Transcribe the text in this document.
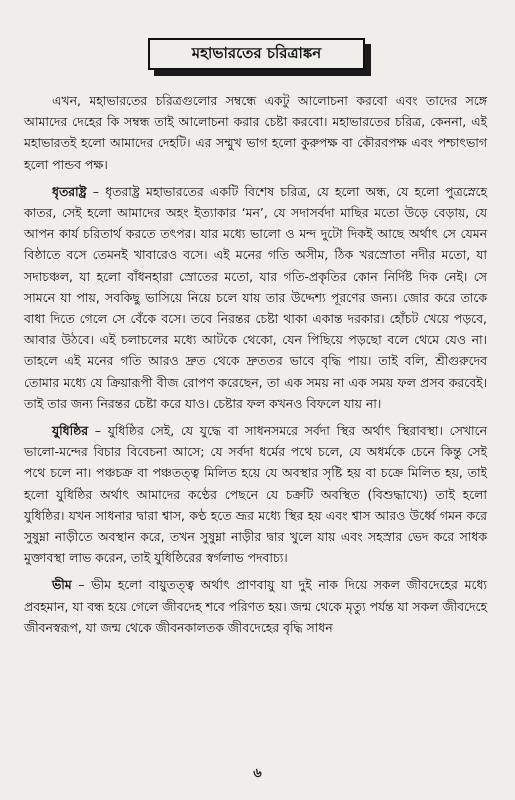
মহাভারতের চরিত্রাঙ্কন

এখন, মহাভারতের চরিত্রগুলোর সম্বন্ধে একটু আলোচনা করবো এবং তাদের সঙ্গে আমাদের দেহের কি সম্বন্ধ তাই আলোচনা করার চেষ্টা করবো। মহাভারতের চরিত্র, কেননা, এই মহাভারতই হলো আমাদের দেহটি। এর সম্মুখ ভাগ হলো কুরুপক্ষ বা কৌরবপক্ষ এবং পশ্চাৎভাগ হলো পান্ডব পক্ষ।

ধৃতরাষ্ট্র – ধৃতরাষ্ট্র মহাভারতের একটি বিশেষ চরিত্র, যে হলো অন্ধ, যে হলো পুত্রস্নেহে কাতর, সেই হলো আমাদের অহং ইত্যাকার ‘মন’, যে সদাসর্বদা মাছির মতো উড়ে বেড়ায়, যে আপন কার্য চরিতার্থ করতে তৎপর। যার মধ্যে ভালো ও মন্দ দুটো দিকই আছে অর্থাৎ সে যেমন বিষ্ঠাতে বসে তেমনই খাবারেও বসে। এই মনের গতি অসীম, ঠিক খরস্রোতা নদীর মতো, যা সদাচঞ্চল, যা হলো বাঁধনহারা স্রোতের মতো, যার গতি-প্রকৃতির কোন নির্দিষ্ট দিক নেই। সে সামনে যা পায়, সবকিছু ভাসিয়ে নিয়ে চলে যায় তার উদ্দেশ্য পূরণের জন্য। জোর করে তাকে বাধা দিতে গেলে সে বেঁকে বসে। তবে নিরন্তর চেষ্টা থাকা একান্ত দরকার। হোঁচট খেয়ে পড়বে, আবার উঠবে। এই চলাচলের মধ্যে আটকে থেকো, যেন পিছিয়ে পড়ছো বলে থেমে যেও না। তাহলে এই মনের গতি আরও দ্রুত থেকে দ্রুততর ভাবে বৃদ্ধি পায়। তাই বলি, শ্রীগুরুদেব তোমার মধ্যে যে ক্রিয়ারূপী বীজ রোপণ করেছেন, তা এক সময় না এক সময় ফল প্রসব করবেই। তাই তার জন্য নিরন্তর চেষ্টা করে যাও। চেষ্টার ফল কখনও বিফলে যায় না।

যুধিষ্ঠির – যুধিষ্ঠির সেই, যে যুদ্ধে বা সাধনসমরে সর্বদা স্থির অর্থাৎ স্থিরাবস্থা। সেখানে ভালো-মন্দের বিচার বিবেচনা আসে; যে সর্বদা ধর্মের পথে চলে, যে অধর্মকে চেনে কিন্তু সেই পথে চলে না। পঞ্চচক্র বা পঞ্চতত্ত্ব মিলিত হয়ে যে অবস্থার সৃষ্টি হয় বা চক্রে মিলিত হয়, তাই হলো যুধিষ্ঠির অর্থাৎ আমাদের কণ্ঠের পেছনে যে চক্রটি অবস্থিত (বিশুদ্ধাখ্যে) তাই হলো যুধিষ্ঠির। যখন সাধনার দ্বারা শ্বাস, কণ্ঠ হতে ভ্রূর মধ্যে স্থির হয় এবং শ্বাস আরও উর্ধ্বে গমন করে সুষুম্না নাড়ীতে অবস্থান করে, তখন সুষুম্না নাড়ীর দ্বার খুলে যায় এবং সহস্রার ভেদ করে সাধক মুক্তাবস্থা লাভ করেন, তাই যুধিষ্ঠিরের স্বর্গলাভ পদবাচ্য।

ভীম – ভীম হলো বায়ুতত্ত্ব অর্থাৎ প্রাণবায়ু যা দুই নাক দিয়ে সকল জীবদেহের মধ্যে প্রবহমান, যা বন্ধ হয়ে গেলে জীবদেহ শবে পরিণত হয়। জন্ম থেকে মৃত্যু পর্যন্ত যা সকল জীবদেহে জীবনস্বরূপ, যা জন্ম থেকে জীবনকালতক জীবদেহের বৃদ্ধি সাধন

৬
